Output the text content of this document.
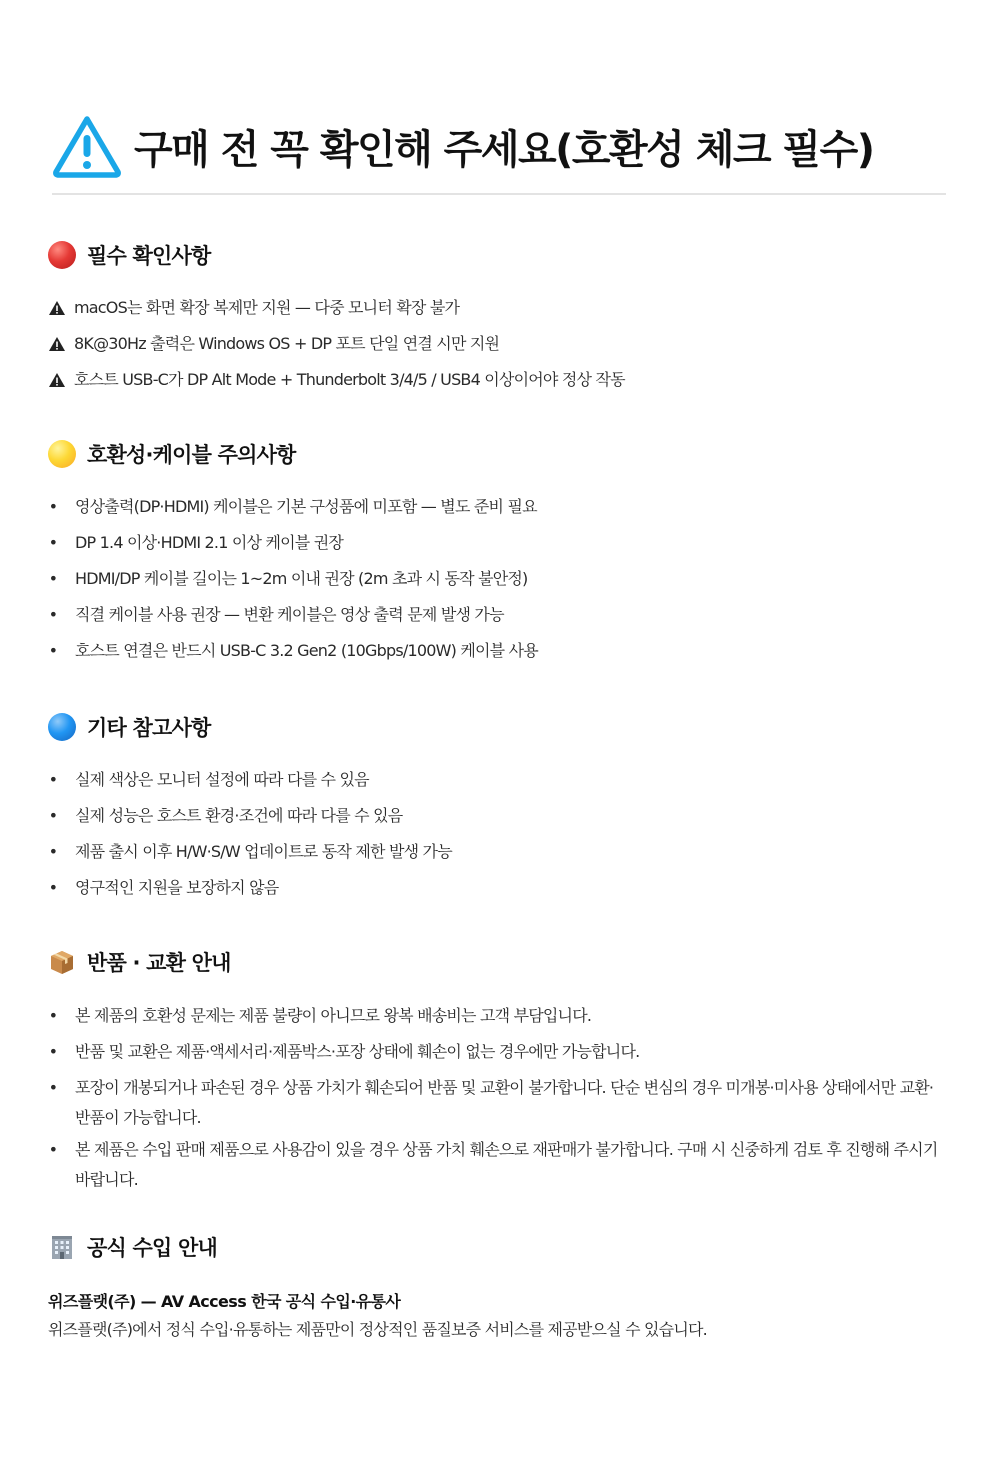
구매 전 꼭 확인해 주세요(호환성 체크 필수)
필수 확인사항
macOS는 화면 확장 복제만 지원 — 다중 모니터 확장 불가
8K@30Hz 출력은 Windows OS + DP 포트 단일 연결 시만 지원
호스트 USB-C가 DP Alt Mode + Thunderbolt 3/4/5 / USB4 이상이어야 정상 작동
호환성·케이블 주의사항
• 영상출력(DP·HDMI) 케이블은 기본 구성품에 미포함 — 별도 준비 필요
• DP 1.4 이상·HDMI 2.1 이상 케이블 권장
• HDMI/DP 케이블 길이는 1~2m 이내 권장 (2m 초과 시 동작 불안정)
• 직결 케이블 사용 권장 — 변환 케이블은 영상 출력 문제 발생 가능
• 호스트 연결은 반드시 USB-C 3.2 Gen2 (10Gbps/100W) 케이블 사용
기타 참고사항
• 실제 색상은 모니터 설정에 따라 다를 수 있음
• 실제 성능은 호스트 환경·조건에 따라 다를 수 있음
• 제품 출시 이후 H/W·S/W 업데이트로 동작 제한 발생 가능
• 영구적인 지원을 보장하지 않음
반품 · 교환 안내
• 본 제품의 호환성 문제는 제품 불량이 아니므로 왕복 배송비는 고객 부담입니다.
• 반품 및 교환은 제품·액세서리·제품박스·포장 상태에 훼손이 없는 경우에만 가능합니다.
• 포장이 개봉되거나 파손된 경우 상품 가치가 훼손되어 반품 및 교환이 불가합니다. 단순 변심의 경우 미개봉·미사용 상태에서만 교환·반품이 가능합니다.
• 본 제품은 수입 판매 제품으로 사용감이 있을 경우 상품 가치 훼손으로 재판매가 불가합니다. 구매 시 신중하게 검토 후 진행해 주시기 바랍니다.
공식 수입 안내
위즈플랫(주) — AV Access 한국 공식 수입·유통사
위즈플랫(주)에서 정식 수입·유통하는 제품만이 정상적인 품질보증 서비스를 제공받으실 수 있습니다.
